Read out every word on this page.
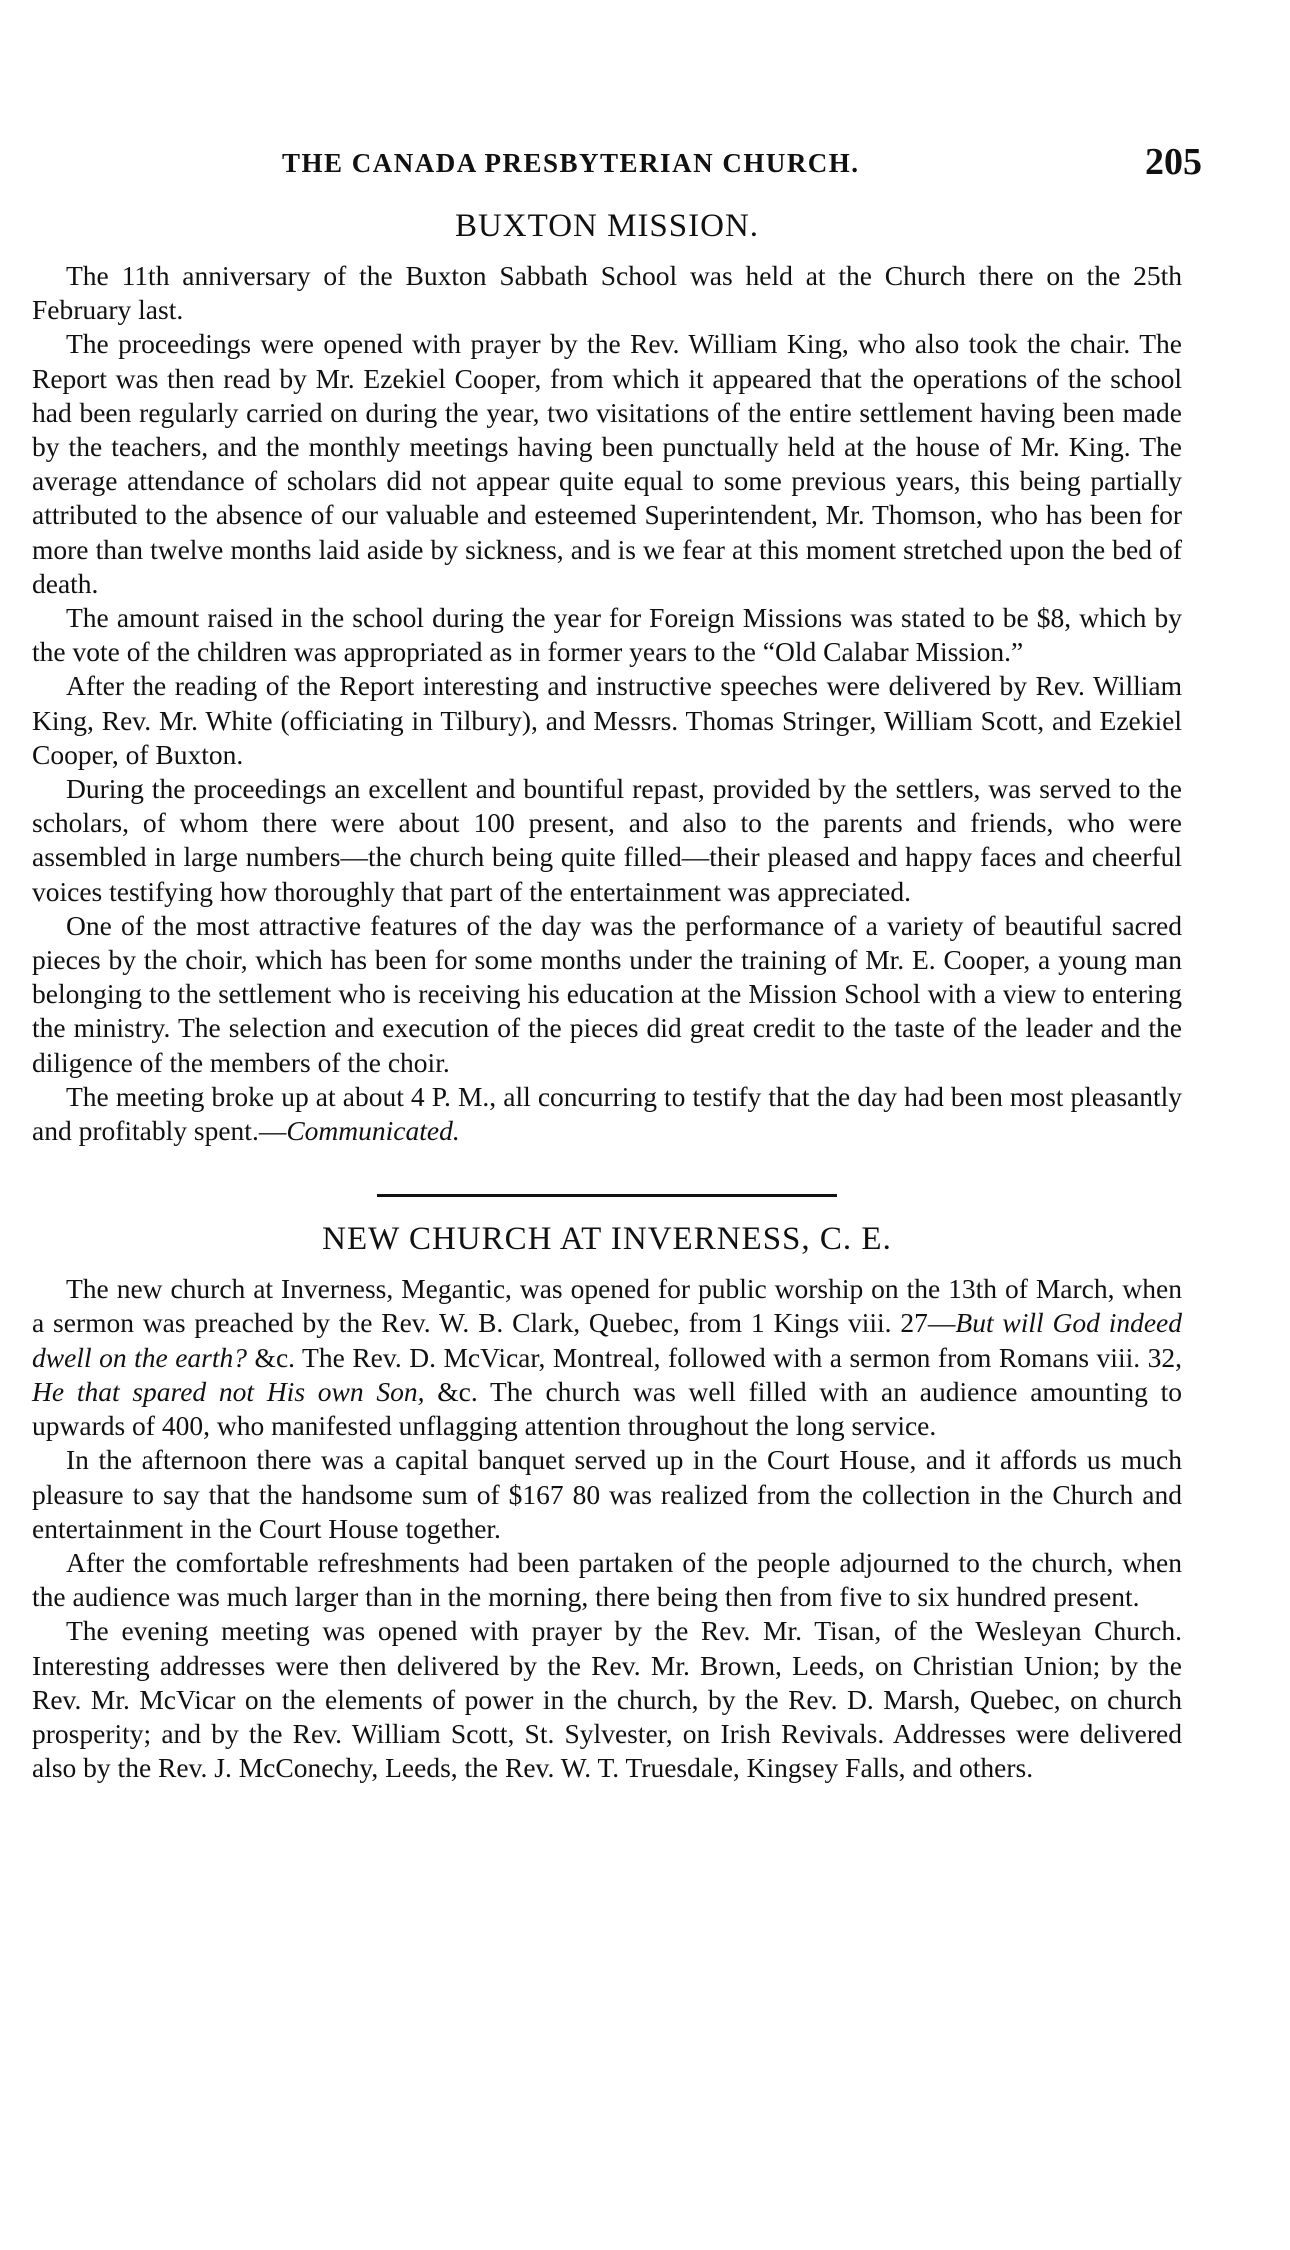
THE CANADA PRESBYTERIAN CHURCH.	205
BUXTON MISSION.

The 11th anniversary of the Buxton Sabbath School was held at the Church there on the 25th February last.

The proceedings were opened with prayer by the Rev. William King, who also took the chair. The Report was then read by Mr. Ezekiel Cooper, from which it appeared that the operations of the school had been regularly carried on during the year, two visitations of the entire settlement having been made by the teachers, and the monthly meetings having been punctually held at the house of Mr. King. The average attendance of scholars did not appear quite equal to some previous years, this being partially attributed to the absence of our valuable and esteemed Superintendent, Mr. Thomson, who has been for more than twelve months laid aside by sickness, and is we fear at this moment stretched upon the bed of death.

The amount raised in the school during the year for Foreign Missions was stated to be $8, which by the vote of the children was appropriated as in former years to the “Old Calabar Mission.”

After the reading of the Report interesting and instructive speeches were delivered by Rev. William King, Rev. Mr. White (officiating in Tilbury), and Messrs. Thomas Stringer, William Scott, and Ezekiel Cooper, of Buxton.

During the proceedings an excellent and bountiful repast, provided by the settlers, was served to the scholars, of whom there were about 100 present, and also to the parents and friends, who were assembled in large numbers—the church being quite filled—their pleased and happy faces and cheerful voices testifying how thoroughly that part of the entertainment was appreciated.

One of the most attractive features of the day was the performance of a variety of beautiful sacred pieces by the choir, which has been for some months under the training of Mr. E. Cooper, a young man belonging to the settlement who is receiving his education at the Mission School with a view to entering the ministry. The selection and execution of the pieces did great credit to the taste of the leader and the diligence of the members of the choir.

The meeting broke up at about 4 P. M., all concurring to testify that the day had been most pleasantly and profitably spent.—Communicated.

NEW CHURCH AT INVERNESS, C. E.

The new church at Inverness, Megantic, was opened for public worship on the 13th of March, when a sermon was preached by the Rev. W. B. Clark, Quebec, from 1 Kings viii. 27—But will God indeed dwell on the earth? &c. The Rev. D. McVicar, Montreal, followed with a sermon from Romans viii. 32, He that spared not His own Son, &c. The church was well filled with an audience amounting to upwards of 400, who manifested unflagging attention throughout the long service.

In the afternoon there was a capital banquet served up in the Court House, and it affords us much pleasure to say that the handsome sum of $167 80 was realized from the collection in the Church and entertainment in the Court House together.

After the comfortable refreshments had been partaken of the people adjourned to the church, when the audience was much larger than in the morning, there being then from five to six hundred present.

The evening meeting was opened with prayer by the Rev. Mr. Tisan, of the Wesleyan Church. Interesting addresses were then delivered by the Rev. Mr. Brown, Leeds, on Christian Union; by the Rev. Mr. McVicar on the elements of power in the church, by the Rev. D. Marsh, Quebec, on church prosperity; and by the Rev. William Scott, St. Sylvester, on Irish Revivals. Addresses were delivered also by the Rev. J. McConechy, Leeds, the Rev. W. T. Truesdale, Kingsey Falls, and others.
